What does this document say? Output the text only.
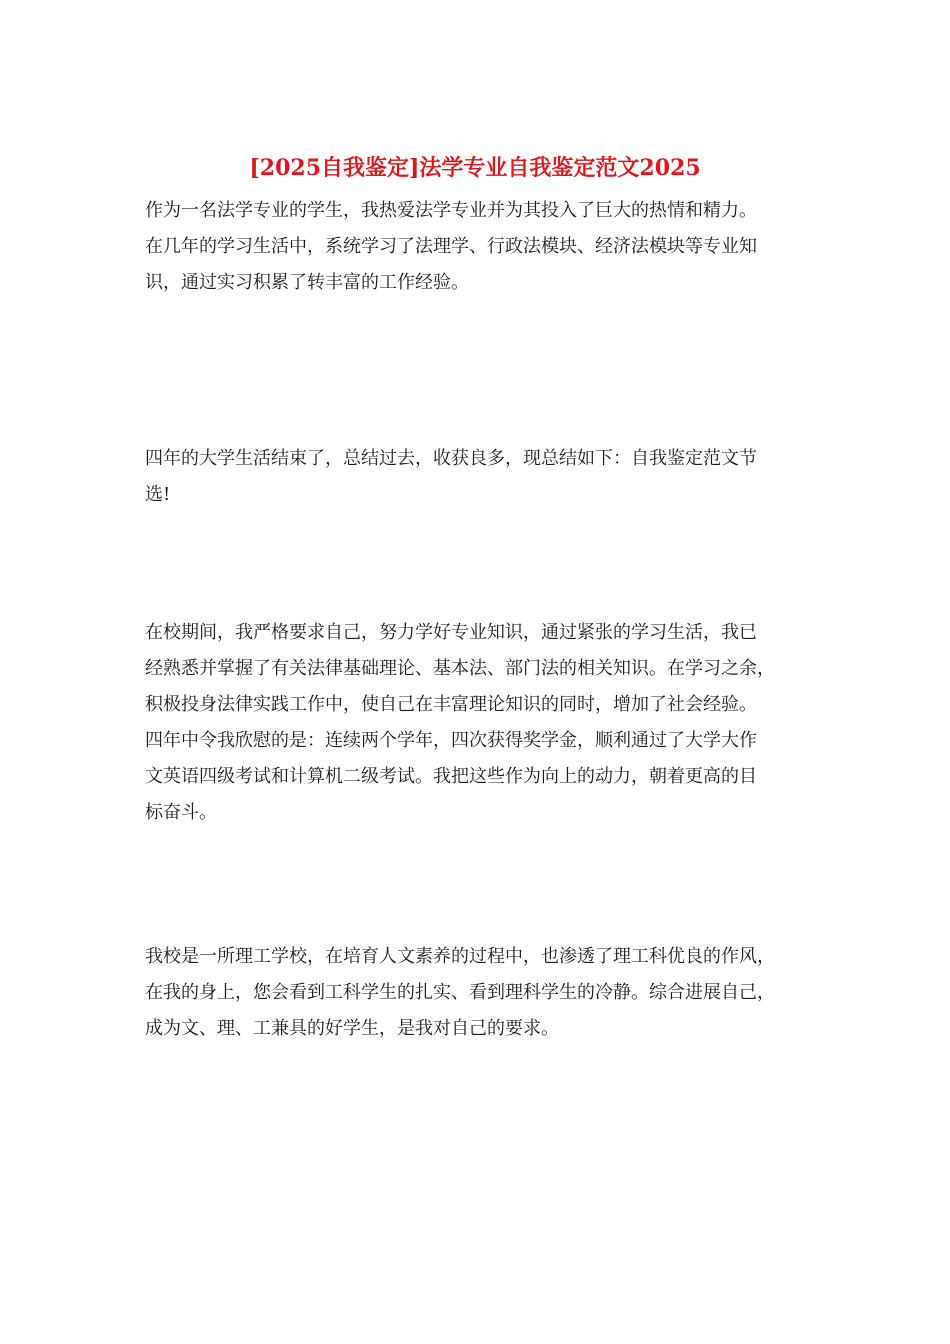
[2025自我鉴定]法学专业自我鉴定范文2025
作为一名法学专业的学生，我热爱法学专业并为其投入了巨大的热情和精力。
在几年的学习生活中，系统学习了法理学、行政法模块、经济法模块等专业知
识，通过实习积累了转丰富的工作经验。
四年的大学生活结束了，总结过去，收获良多，现总结如下：自我鉴定范文节
选!
在校期间，我严格要求自己，努力学好专业知识，通过紧张的学习生活，我已
经熟悉并掌握了有关法律基础理论、基本法、部门法的相关知识。在学习之余，
积极投身法律实践工作中，使自己在丰富理论知识的同时，增加了社会经验。
四年中令我欣慰的是：连续两个学年，四次获得奖学金，顺利通过了大学大作
文英语四级考试和计算机二级考试。我把这些作为向上的动力，朝着更高的目
标奋斗。
我校是一所理工学校，在培育人文素养的过程中，也渗透了理工科优良的作风，
在我的身上，您会看到工科学生的扎实、看到理科学生的冷静。综合进展自己，
成为文、理、工兼具的好学生，是我对自己的要求。
